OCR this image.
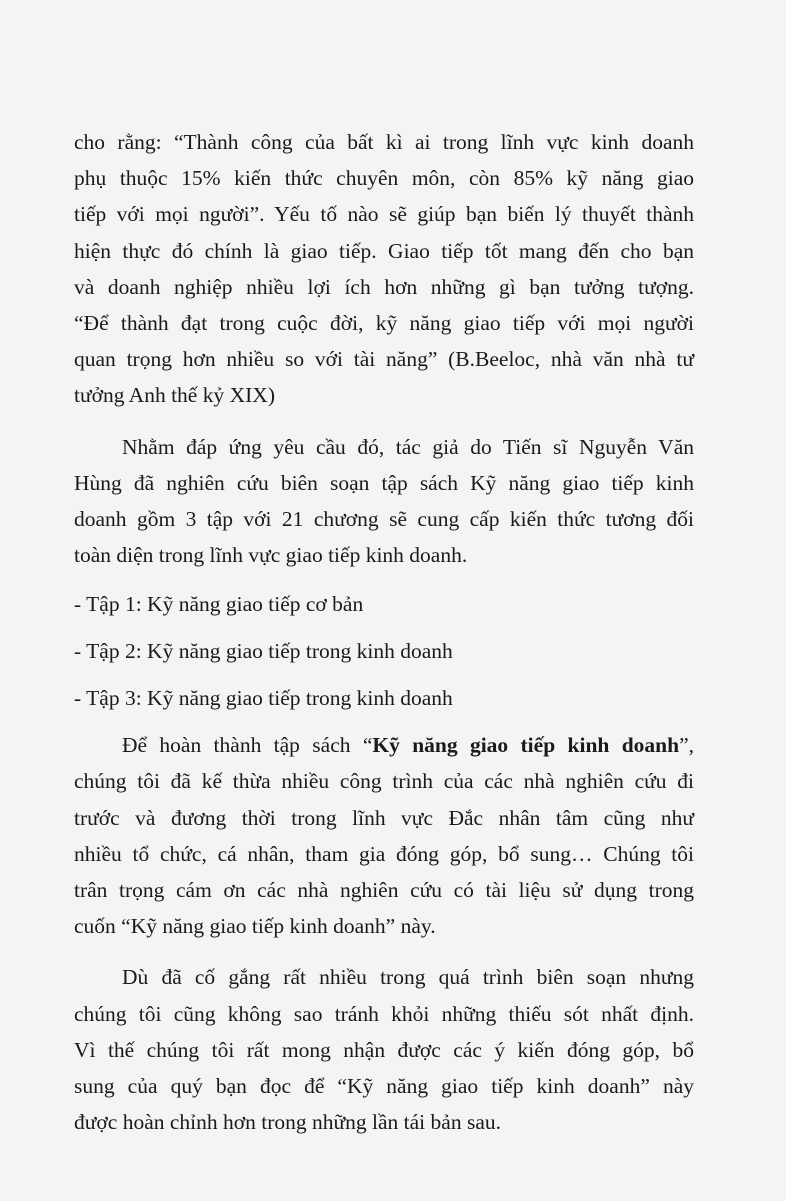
cho rằng: “Thành công của bất kì ai trong lĩnh vực kinh doanh
phụ thuộc 15% kiến thức chuyên môn, còn 85% kỹ năng giao
tiếp với mọi người”. Yếu tố nào sẽ giúp bạn biến lý thuyết thành
hiện thực đó chính là giao tiếp. Giao tiếp tốt mang đến cho bạn
và doanh nghiệp nhiều lợi ích hơn những gì bạn tưởng tượng.
“Để thành đạt trong cuộc đời, kỹ năng giao tiếp với mọi người
quan trọng hơn nhiều so với tài năng” (B.Beeloc, nhà văn nhà tư
tưởng Anh thế kỷ XIX)
Nhằm đáp ứng yêu cầu đó, tác giả do Tiến sĩ Nguyễn Văn
Hùng đã nghiên cứu biên soạn tập sách Kỹ năng giao tiếp kinh
doanh gồm 3 tập với 21 chương sẽ cung cấp kiến thức tương đối
toàn diện trong lĩnh vực giao tiếp kinh doanh.
- Tập 1: Kỹ năng giao tiếp cơ bản
- Tập 2: Kỹ năng giao tiếp trong kinh doanh
- Tập 3: Kỹ năng giao tiếp trong kinh doanh
Để hoàn thành tập sách “Kỹ năng giao tiếp kinh doanh”,
chúng tôi đã kế thừa nhiều công trình của các nhà nghiên cứu đi
trước và đương thời trong lĩnh vực Đắc nhân tâm cũng như
nhiều tổ chức, cá nhân, tham gia đóng góp, bổ sung… Chúng tôi
trân trọng cám ơn các nhà nghiên cứu có tài liệu sử dụng trong
cuốn “Kỹ năng giao tiếp kinh doanh” này.
Dù đã cố gắng rất nhiều trong quá trình biên soạn nhưng
chúng tôi cũng không sao tránh khỏi những thiếu sót nhất định.
Vì thế chúng tôi rất mong nhận được các ý kiến đóng góp, bổ
sung của quý bạn đọc để “Kỹ năng giao tiếp kinh doanh” này
được hoàn chỉnh hơn trong những lần tái bản sau.
